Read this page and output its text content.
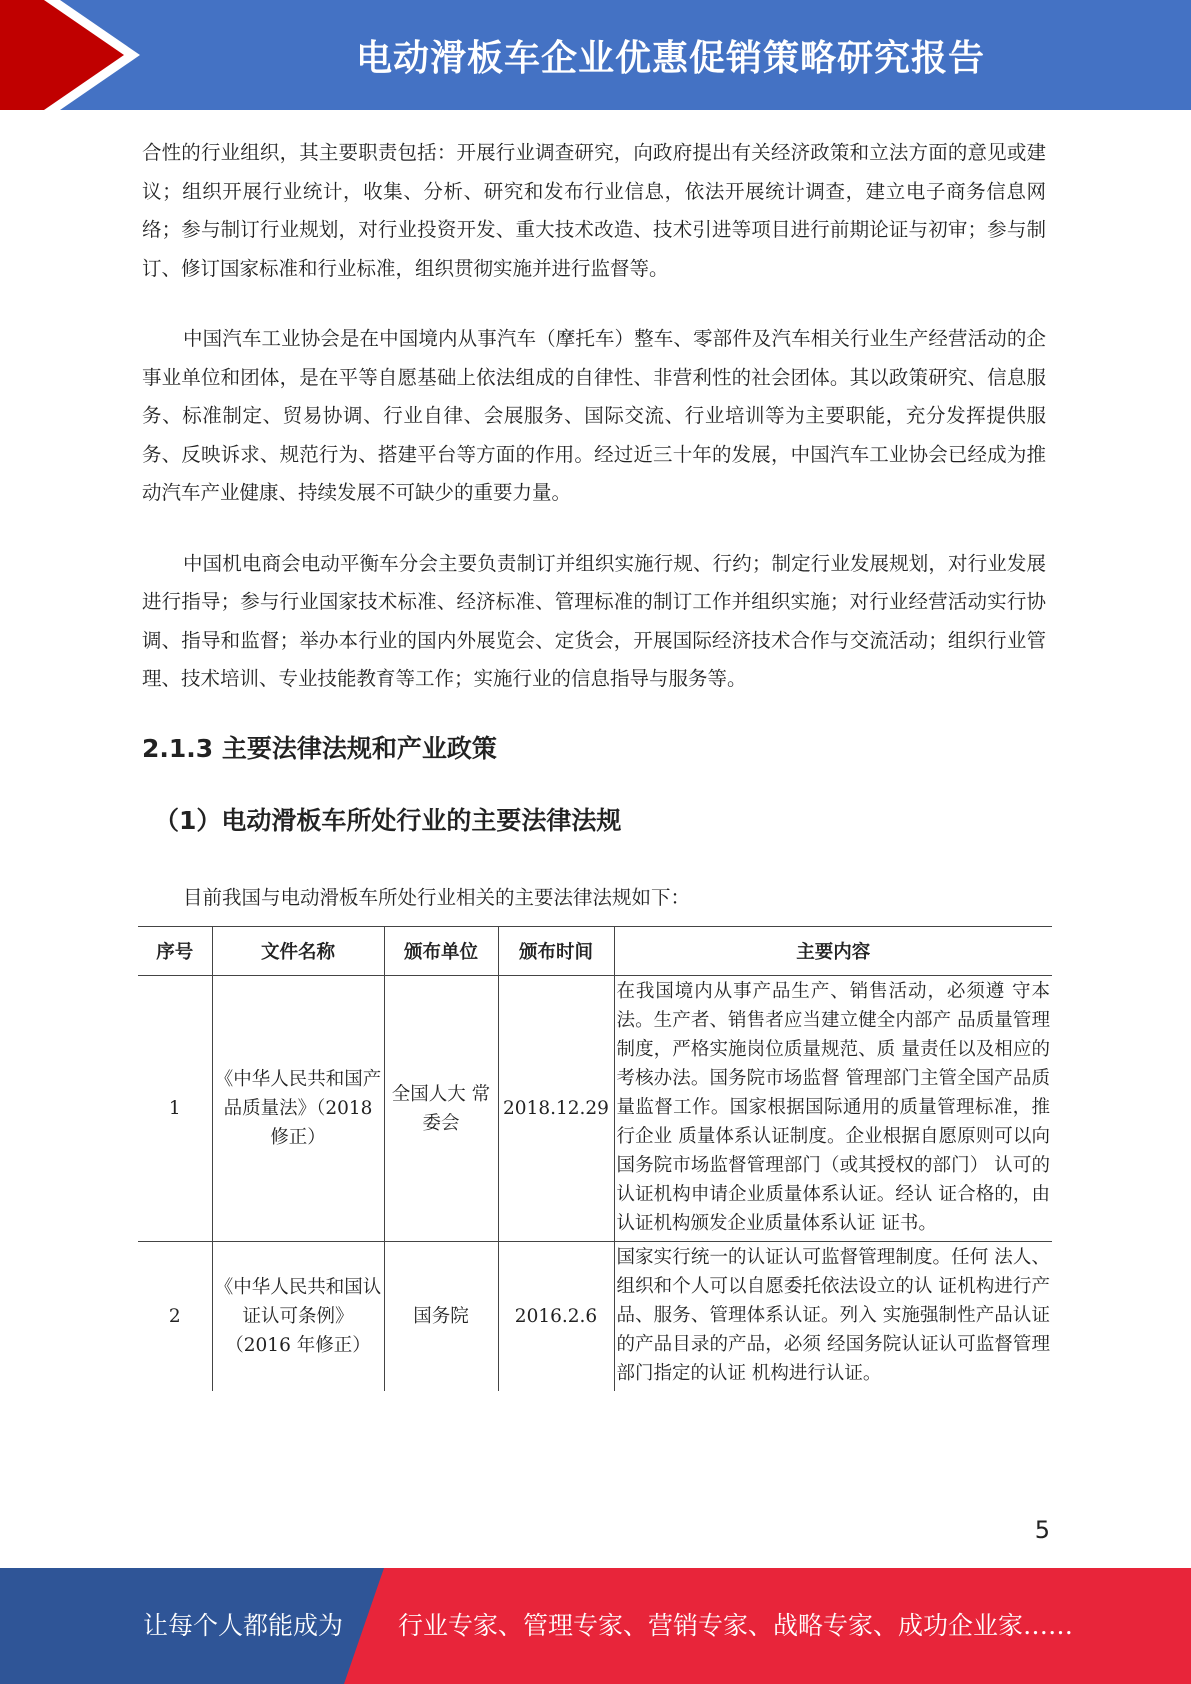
电动滑板车企业优惠促销策略研究报告

合性的行业组织，其主要职责包括：开展行业调查研究，向政府提出有关经济政策和立法方面的意见或建议；组织开展行业统计，收集、分析、研究和发布行业信息，依法开展统计调查，建立电子商务信息网络；参与制订行业规划，对行业投资开发、重大技术改造、技术引进等项目进行前期论证与初审；参与制订、修订国家标准和行业标准，组织贯彻实施并进行监督等。

中国汽车工业协会是在中国境内从事汽车（摩托车）整车、零部件及汽车相关行业生产经营活动的企事业单位和团体，是在平等自愿基础上依法组成的自律性、非营利性的社会团体。其以政策研究、信息服务、标准制定、贸易协调、行业自律、会展服务、国际交流、行业培训等为主要职能，充分发挥提供服务、反映诉求、规范行为、搭建平台等方面的作用。经过近三十年的发展，中国汽车工业协会已经成为推动汽车产业健康、持续发展不可缺少的重要力量。

中国机电商会电动平衡车分会主要负责制订并组织实施行规、行约；制定行业发展规划，对行业发展进行指导；参与行业国家技术标准、经济标准、管理标准的制订工作并组织实施；对行业经营活动实行协调、指导和监督；举办本行业的国内外展览会、定货会，开展国际经济技术合作与交流活动；组织行业管理、技术培训、专业技能教育等工作；实施行业的信息指导与服务等。

2.1.3 主要法律法规和产业政策
（1）电动滑板车所处行业的主要法律法规

目前我国与电动滑板车所处行业相关的主要法律法规如下：

序号	文件名称	颁布单位	颁布时间	主要内容
1	《中华人民共和国产品质量法》（2018 修正）	全国人大 常委会	2018.12.29	在我国境内从事产品生产、销售活动，必须遵 守本法。生产者、销售者应当建立健全内部产 品质量管理制度，严格实施岗位质量规范、质 量责任以及相应的考核办法。国务院市场监督 管理部门主管全国产品质量监督工作。国家根据国际通用的质量管理标准，推行企业 质量体系认证制度。企业根据自愿原则可以向 国务院市场监督管理部门（或其授权的部门） 认可的认证机构申请企业质量体系认证。经认 证合格的，由认证机构颁发企业质量体系认证 证书。
2	《中华人民共和国认证认可条例》（2016 年修正）	国务院	2016.2.6	国家实行统一的认证认可监督管理制度。任何 法人、组织和个人可以自愿委托依法设立的认 证机构进行产品、服务、管理体系认证。列入 实施强制性产品认证的产品目录的产品，必须 经国务院认证认可监督管理部门指定的认证 机构进行认证。
5
让每个人都能成为 行业专家、管理专家、营销专家、战略专家、成功企业家……
